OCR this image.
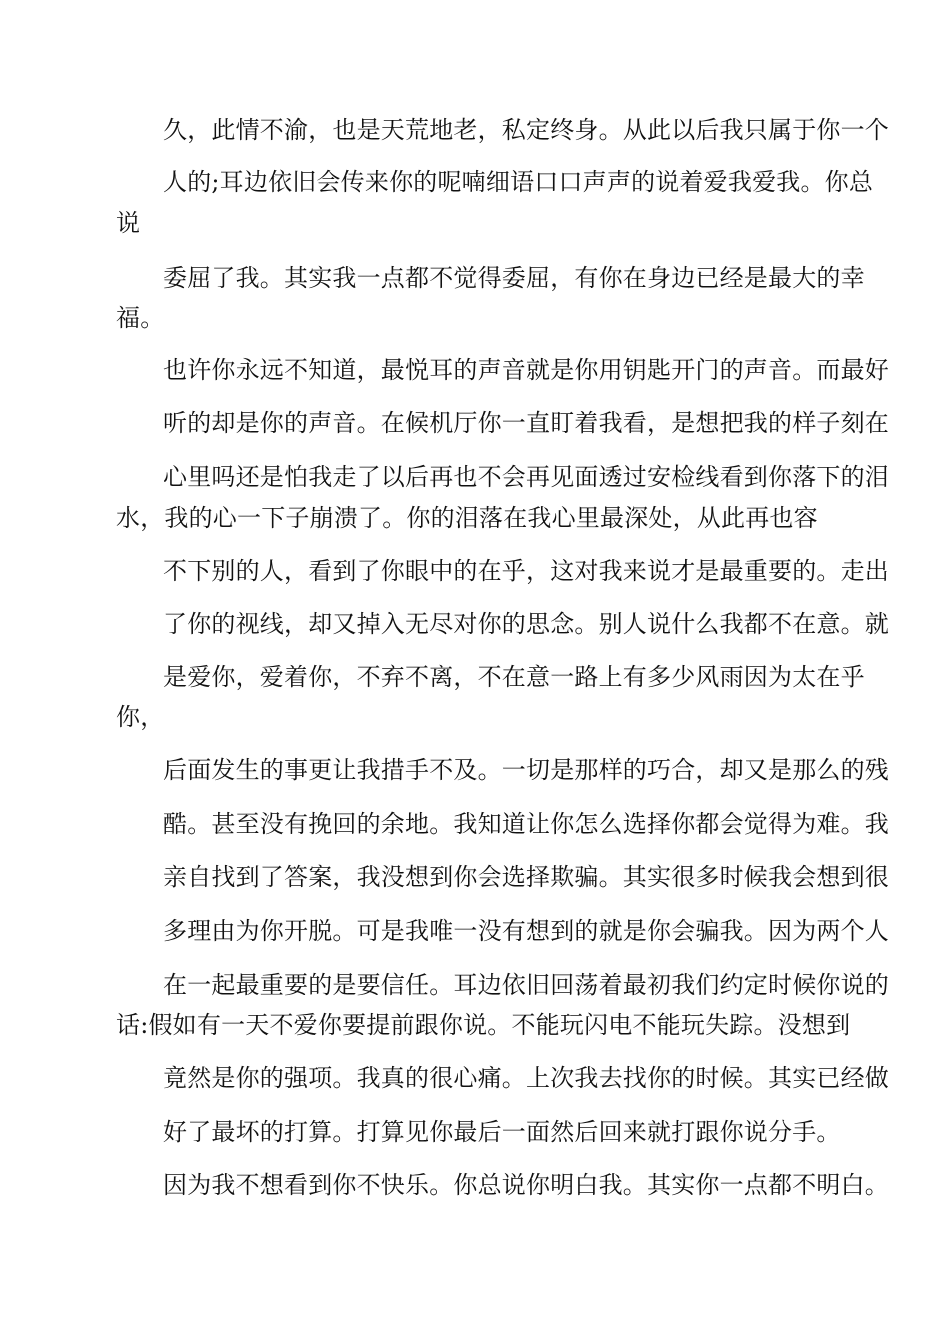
久，此情不渝，也是天荒地老，私定终身。从此以后我只属于你一个
人的;耳边依旧会传来你的呢喃细语口口声声的说着爱我爱我。你总
说
委屈了我。其实我一点都不觉得委屈，有你在身边已经是最大的幸
福。
也许你永远不知道，最悦耳的声音就是你用钥匙开门的声音。而最好
听的却是你的声音。在候机厅你一直盯着我看，是想把我的样子刻在
心里吗还是怕我走了以后再也不会再见面透过安检线看到你落下的泪
水，我的心一下子崩溃了。你的泪落在我心里最深处，从此再也容
不下别的人，看到了你眼中的在乎，这对我来说才是最重要的。走出
了你的视线，却又掉入无尽对你的思念。别人说什么我都不在意。就
是爱你，爱着你，不弃不离，不在意一路上有多少风雨因为太在乎
你，
后面发生的事更让我措手不及。一切是那样的巧合，却又是那么的残
酷。甚至没有挽回的余地。我知道让你怎么选择你都会觉得为难。我
亲自找到了答案，我没想到你会选择欺骗。其实很多时候我会想到很
多理由为你开脱。可是我唯一没有想到的就是你会骗我。因为两个人
在一起最重要的是要信任。耳边依旧回荡着最初我们约定时候你说的
话:假如有一天不爱你要提前跟你说。不能玩闪电不能玩失踪。没想到
竟然是你的强项。我真的很心痛。上次我去找你的时候。其实已经做
好了最坏的打算。打算见你最后一面然后回来就打跟你说分手。
因为我不想看到你不快乐。你总说你明白我。其实你一点都不明白。
